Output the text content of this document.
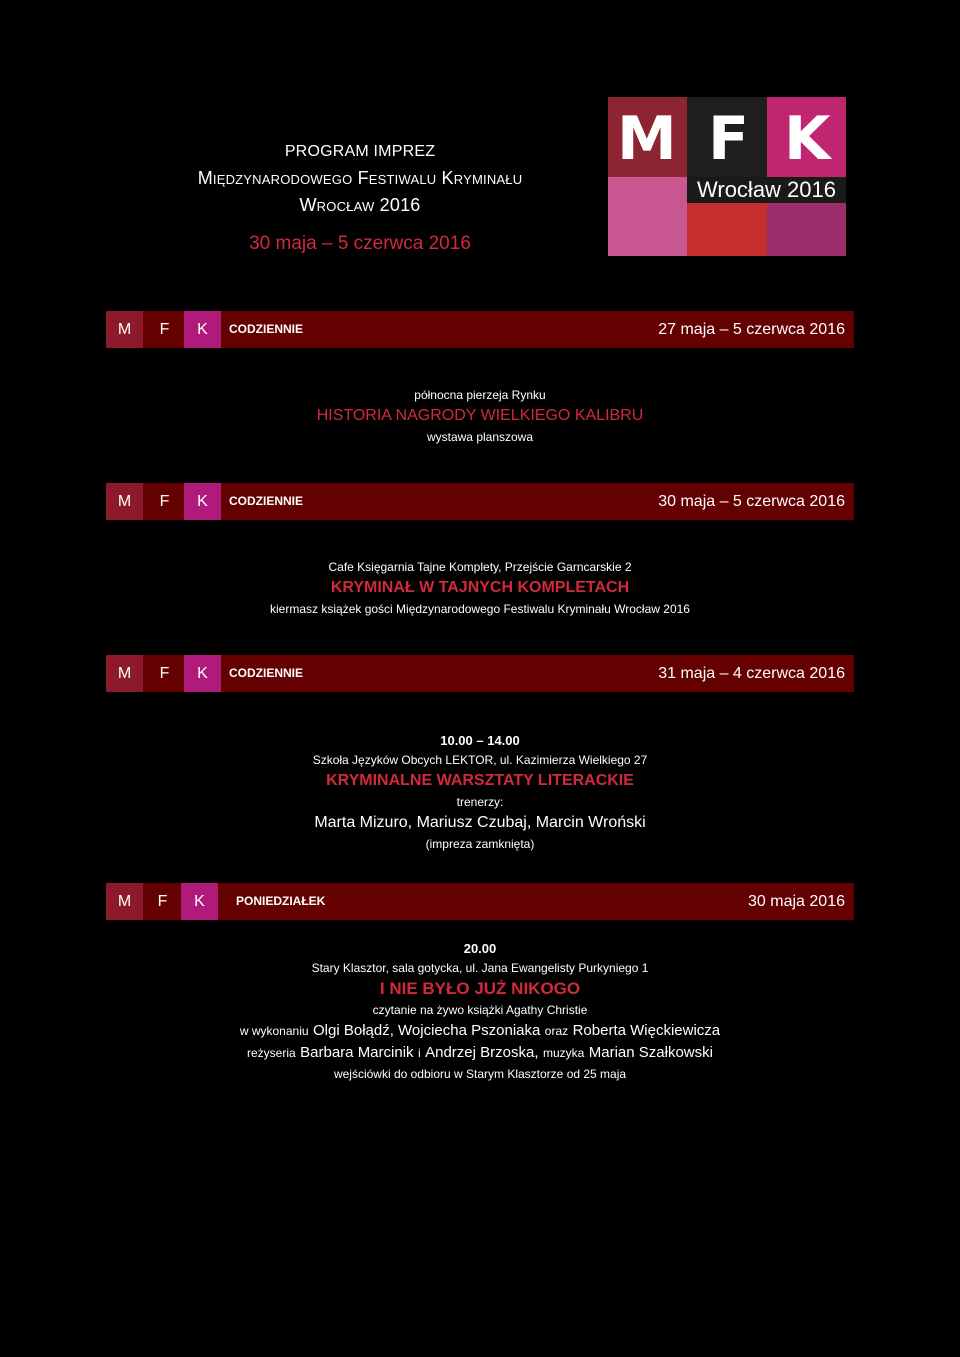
PROGRAM IMPREZ
Międzynarodowego Festiwalu Kryminału
Wrocław 2016
30 maja – 5 czerwca 2016
M F K
Wrocław 2016
M	F	K	CODZIENNIE	27 maja – 5 czerwca 2016
północna pierzeja Rynku
HISTORIA NAGRODY WIELKIEGO KALIBRU
wystawa planszowa
M	F	K	CODZIENNIE	30 maja – 5 czerwca 2016
Cafe Księgarnia Tajne Komplety, Przejście Garncarskie 2
KRYMINAŁ W TAJNYCH KOMPLETACH
kiermasz książek gości Międzynarodowego Festiwalu Kryminału Wrocław 2016
M	F	K	CODZIENNIE	31 maja – 4 czerwca 2016
10.00 – 14.00
Szkoła Języków Obcych LEKTOR, ul. Kazimierza Wielkiego 27
KRYMINALNE WARSZTATY LITERACKIE
trenerzy:
Marta Mizuro, Mariusz Czubaj, Marcin Wroński
(impreza zamknięta)
M	F	K	PONIEDZIAŁEK	30 maja 2016
20.00
Stary Klasztor, sala gotycka, ul. Jana Ewangelisty Purkyniego 1
I NIE BYŁO JUŻ NIKOGO
czytanie na żywo książki Agathy Christie
w wykonaniu Olgi Bołądź, Wojciecha Pszoniaka oraz Roberta Więckiewicza
reżyseria Barbara Marcinik i Andrzej Brzoska, muzyka Marian Szałkowski
wejściówki do odbioru w Starym Klasztorze od 25 maja
